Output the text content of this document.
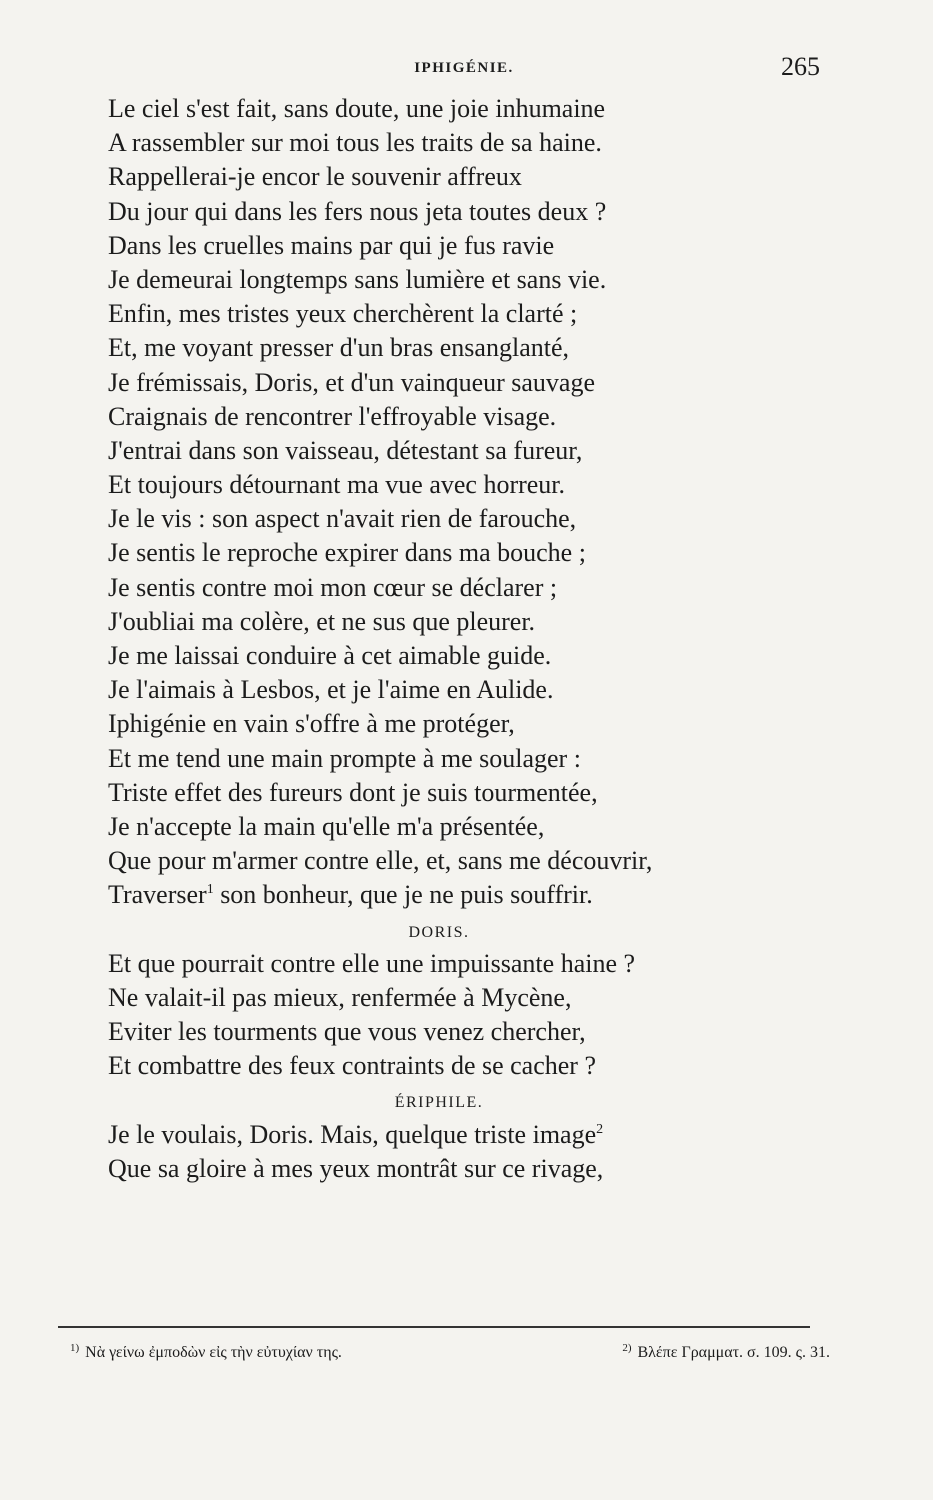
IPHIGÉNIE.	265

Le ciel s'est fait, sans doute, une joie inhumaine

A rassembler sur moi tous les traits de sa haine.

Rappellerai-je encor le souvenir affreux

Du jour qui dans les fers nous jeta toutes deux ?

Dans les cruelles mains par qui je fus ravie

Je demeurai longtemps sans lumière et sans vie.

Enfin, mes tristes yeux cherchèrent la clarté ;

Et, me voyant presser d'un bras ensanglanté,

Je frémissais, Doris, et d'un vainqueur sauvage

Craignais de rencontrer l'effroyable visage.

J'entrai dans son vaisseau, détestant sa fureur,

Et toujours détournant ma vue avec horreur.

Je le vis : son aspect n'avait rien de farouche,

Je sentis le reproche expirer dans ma bouche ;

Je sentis contre moi mon cœur se déclarer ;

J'oubliai ma colère, et ne sus que pleurer.

Je me laissai conduire à cet aimable guide.

Je l'aimais à Lesbos, et je l'aime en Aulide.

Iphigénie en vain s'offre à me protéger,

Et me tend une main prompte à me soulager :

Triste effet des fureurs dont je suis tourmentée,

Je n'accepte la main qu'elle m'a présentée,

Que pour m'armer contre elle, et, sans me découvrir,

Traverser$^1$ son bonheur, que je ne puis souffrir.

DORIS.

Et que pourrait contre elle une impuissante haine ?

Ne valait-il pas mieux, renfermée à Mycène,

Eviter les tourments que vous venez chercher,

Et combattre des feux contraints de se cacher ?

ÉRIPHILE.

Je le voulais, Doris. Mais, quelque triste image$^2$

Que sa gloire à mes yeux montrât sur ce rivage,

$^{1)}$ Νὰ γείνω ἐμποδὼν εἰς τὴν εὐτυχίαν της.	$^{2)}$ Βλέπε Γραμματ. σ. 109. ς. 31.
